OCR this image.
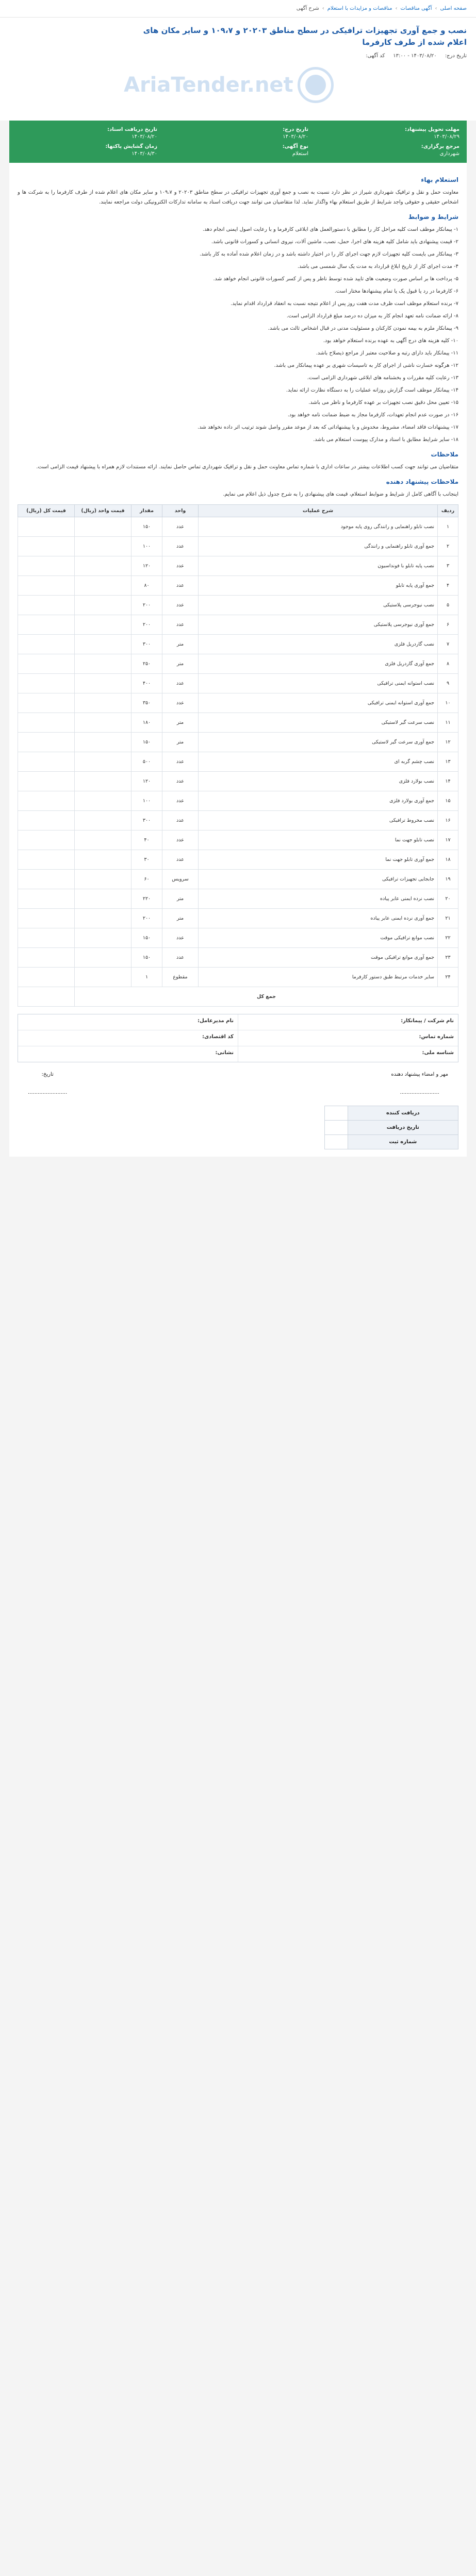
صفحه اصلی
›
آگهی مناقصات
›
مناقصات و مزایدات با استعلام
›
شرح آگهی
نصب و جمع آوری تجهیزات ترافیکی در سطح مناطق ۲۰۲۰۳ و ۱۰۹،۷ و سایر مکان های اعلام شده از طرف کارفرما
AriaTender.net
تاریخ درج:
۱۴۰۳/۰۸/۲۰ - ۱۳:۰۰
کد آگهی:
مهلت تحویل پیشنهاد:
۱۴۰۳/۰۸/۲۹
تاریخ درج:
۱۴۰۳/۰۸/۲۰
تاریخ دریافت اسناد:
۱۴۰۳/۰۸/۲۰
مرجع برگزاری:
شهرداری
نوع آگهی:
استعلام
زمان گشایش پاکتها:
۱۴۰۳/۰۸/۳۰
استعلام بهاء

معاونت حمل و نقل و ترافیک شهرداری شیراز در نظر دارد نسبت به نصب و جمع آوری تجهیزات ترافیکی در سطح مناطق ۲۰۲۰۳ و ۱۰۹،۷ و سایر مکان های اعلام شده از طرف کارفرما را به شرکت ها و اشخاص حقیقی و حقوقی واجد شرایط از طریق استعلام بهاء واگذار نماید. لذا متقاضیان می توانند جهت دریافت اسناد به سامانه تدارکات الکترونیکی دولت مراجعه نمایند.

شرایط و ضوابط

۱- پیمانکار موظف است کلیه مراحل کار را مطابق با دستورالعمل های ابلاغی کارفرما و با رعایت اصول ایمنی انجام دهد.

۲- قیمت پیشنهادی باید شامل کلیه هزینه های اجرا، حمل، نصب، ماشین آلات، نیروی انسانی و کسورات قانونی باشد.

۳- پیمانکار می بایست کلیه تجهیزات لازم جهت اجرای کار را در اختیار داشته باشد و در زمان اعلام شده آماده به کار باشد.

۴- مدت اجرای کار از تاریخ ابلاغ قرارداد به مدت یک سال شمسی می باشد.

۵- پرداخت ها بر اساس صورت وضعیت های تایید شده توسط ناظر و پس از کسر کسورات قانونی انجام خواهد شد.

۶- کارفرما در رد یا قبول یک یا تمام پیشنهادها مختار است.

۷- برنده استعلام موظف است ظرف مدت هفت روز پس از اعلام نتیجه نسبت به انعقاد قرارداد اقدام نماید.

۸- ارائه ضمانت نامه تعهد انجام کار به میزان ده درصد مبلغ قرارداد الزامی است.

۹- پیمانکار ملزم به بیمه نمودن کارکنان و مسئولیت مدنی در قبال اشخاص ثالث می باشد.

۱۰- کلیه هزینه های درج آگهی به عهده برنده استعلام خواهد بود.

۱۱- پیمانکار باید دارای رتبه و صلاحیت معتبر از مراجع ذیصلاح باشد.

۱۲- هرگونه خسارت ناشی از اجرای کار به تاسیسات شهری بر عهده پیمانکار می باشد.

۱۳- رعایت کلیه مقررات و بخشنامه های ابلاغی شهرداری الزامی است.

۱۴- پیمانکار موظف است گزارش روزانه عملیات را به دستگاه نظارت ارائه نماید.

۱۵- تعیین محل دقیق نصب تجهیزات بر عهده کارفرما و ناظر می باشد.

۱۶- در صورت عدم انجام تعهدات، کارفرما مجاز به ضبط ضمانت نامه خواهد بود.

۱۷- پیشنهادات فاقد امضاء، مشروط، مخدوش و یا پیشنهاداتی که بعد از موعد مقرر واصل شوند ترتیب اثر داده نخواهد شد.

۱۸- سایر شرایط مطابق با اسناد و مدارک پیوست استعلام می باشد.

ملاحظات

متقاضیان می توانند جهت کسب اطلاعات بیشتر در ساعات اداری با شماره تماس معاونت حمل و نقل و ترافیک شهرداری تماس حاصل نمایند. ارائه مستندات لازم همراه با پیشنهاد قیمت الزامی است.

ملاحظات پیشنهاد دهنده

اینجانب با آگاهی کامل از شرایط و ضوابط استعلام، قیمت های پیشنهادی را به شرح جدول ذیل اعلام می نمایم.

ردیف	شرح عملیات	واحد	مقدار	قیمت واحد (ریال)	قیمت کل (ریال)
۱	نصب تابلو راهنمایی و رانندگی روی پایه موجود	عدد	۱۵۰		
۲	جمع آوری تابلو راهنمایی و رانندگی	عدد	۱۰۰		
۳	نصب پایه تابلو با فونداسیون	عدد	۱۲۰		
۴	جمع آوری پایه تابلو	عدد	۸۰		
۵	نصب نیوجرسی پلاستیکی	عدد	۲۰۰		
۶	جمع آوری نیوجرسی پلاستیکی	عدد	۲۰۰		
۷	نصب گاردریل فلزی	متر	۳۰۰		
۸	جمع آوری گاردریل فلزی	متر	۲۵۰		
۹	نصب استوانه ایمنی ترافیکی	عدد	۴۰۰		
۱۰	جمع آوری استوانه ایمنی ترافیکی	عدد	۳۵۰		
۱۱	نصب سرعت گیر لاستیکی	متر	۱۸۰		
۱۲	جمع آوری سرعت گیر لاستیکی	متر	۱۵۰		
۱۳	نصب چشم گربه ای	عدد	۵۰۰		
۱۴	نصب بولارد فلزی	عدد	۱۲۰		
۱۵	جمع آوری بولارد فلزی	عدد	۱۰۰		
۱۶	نصب مخروط ترافیکی	عدد	۳۰۰		
۱۷	نصب تابلو جهت نما	عدد	۴۰		
۱۸	جمع آوری تابلو جهت نما	عدد	۳۰		
۱۹	جابجایی تجهیزات ترافیکی	سرویس	۶۰		
۲۰	نصب نرده ایمنی عابر پیاده	متر	۲۲۰		
۲۱	جمع آوری نرده ایمنی عابر پیاده	متر	۲۰۰		
۲۲	نصب موانع ترافیکی موقت	عدد	۱۵۰		
۲۳	جمع آوری موانع ترافیکی موقت	عدد	۱۵۰		
۲۴	سایر خدمات مرتبط طبق دستور کارفرما	مقطوع	۱		
جمع کل					
نام شرکت / پیمانکار:
نام مدیرعامل:
شماره تماس:
کد اقتصادی:
شناسه ملی:
نشانی:
مهر و امضاء پیشنهاد دهنده
........................
تاریخ:
........................
دریافت کننده	
تاریخ دریافت	
شماره ثبت	
